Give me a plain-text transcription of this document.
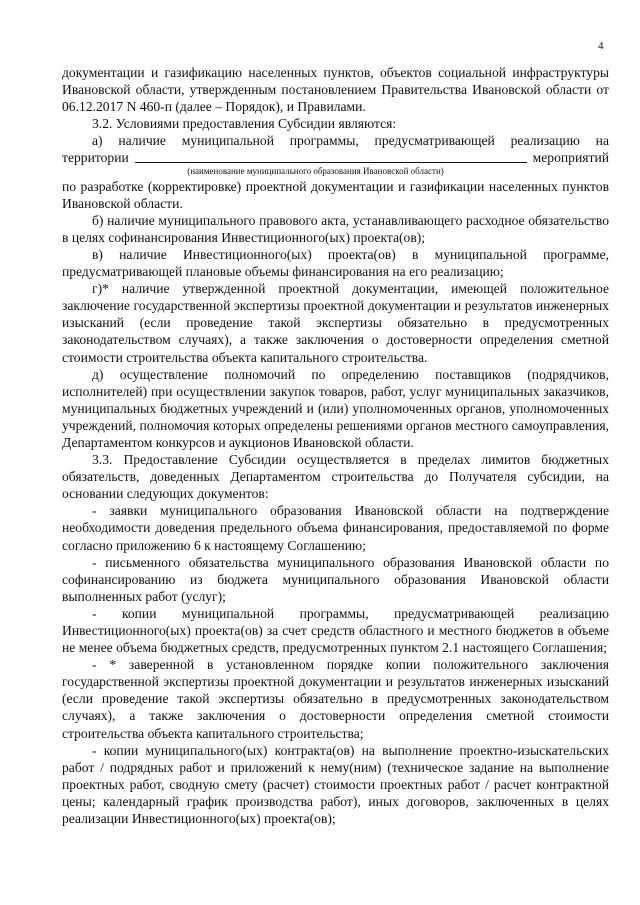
4

документации и газификацию населенных пунктов, объектов социальной инфраструктуры Ивановской области, утвержденным постановлением Правительства Ивановской области от 06.12.2017 N 460-п (далее – Порядок), и Правилами.

3.2. Условиями предоставления Субсидии являются:

а) наличие муниципальной программы, предусматривающей реализацию на

территории	мероприятий
(наименование муниципального образования Ивановской области)

по разработке (корректировке) проектной документации и газификации населенных пунктов Ивановской области.

б) наличие муниципального правового акта, устанавливающего расходное обязательство в целях софинансирования Инвестиционного(ых) проекта(ов);

в) наличие Инвестиционного(ых) проекта(ов) в муниципальной программе, предусматривающей плановые объемы финансирования на его реализацию;

г)* наличие утвержденной проектной документации, имеющей положительное заключение государственной экспертизы проектной документации и результатов инженерных изысканий (если проведение такой экспертизы обязательно в предусмотренных законодательством случаях), а также заключения о достоверности определения сметной стоимости строительства объекта капитального строительства.

д) осуществление полномочий по определению поставщиков (подрядчиков, исполнителей) при осуществлении закупок товаров, работ, услуг муниципальных заказчиков, муниципальных бюджетных учреждений и (или) уполномоченных органов, уполномоченных учреждений, полномочия которых определены решениями органов местного самоуправления, Департаментом конкурсов и аукционов Ивановской области.

3.3. Предоставление Субсидии осуществляется в пределах лимитов бюджетных обязательств, доведенных Департаментом строительства до Получателя субсидии, на основании следующих документов:

- заявки муниципального образования Ивановской области на подтверждение необходимости доведения предельного объема финансирования, предоставляемой по форме согласно приложению 6 к настоящему Соглашению;

- письменного обязательства муниципального образования Ивановской области по софинансированию из бюджета муниципального образования Ивановской области выполненных работ (услуг);

- копии муниципальной программы, предусматривающей реализацию Инвестиционного(ых) проекта(ов) за счет средств областного и местного бюджетов в объеме не менее объема бюджетных средств, предусмотренных пунктом 2.1 настоящего Соглашения;

- * заверенной в установленном порядке копии положительного заключения государственной экспертизы проектной документации и результатов инженерных изысканий (если проведение такой экспертизы обязательно в предусмотренных законодательством случаях), а также заключения о достоверности определения сметной стоимости строительства объекта капитального строительства;

- копии муниципального(ых) контракта(ов) на выполнение проектно-изыскательских работ / подрядных работ и приложений к нему(ним) (техническое задание на выполнение проектных работ, сводную смету (расчет) стоимости проектных работ / расчет контрактной цены; календарный график производства работ), иных договоров, заключенных в целях реализации Инвестиционного(ых) проекта(ов);
